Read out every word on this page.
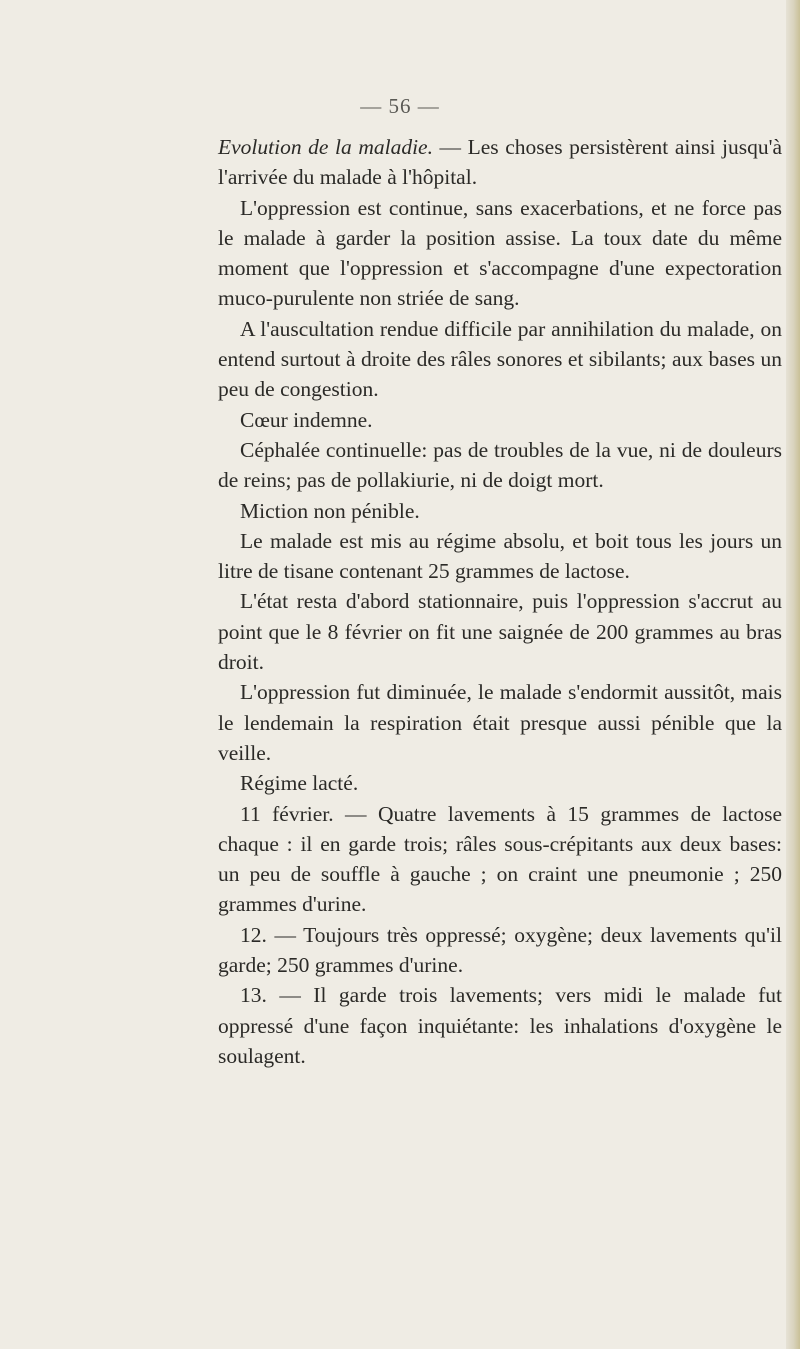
— 56 —

Evolution de la maladie. — Les choses persistèrent ainsi jusqu'à l'arrivée du malade à l'hôpital.

L'oppression est continue, sans exacerbations, et ne force pas le malade à garder la position assise. La toux date du même moment que l'oppression et s'accompagne d'une expectoration muco-purulente non striée de sang.

A l'auscultation rendue difficile par annihilation du malade, on entend surtout à droite des râles sonores et sibilants; aux bases un peu de congestion.

Cœur indemne.

Céphalée continuelle: pas de troubles de la vue, ni de douleurs de reins; pas de pollakiurie, ni de doigt mort.

Miction non pénible.

Le malade est mis au régime absolu, et boit tous les jours un litre de tisane contenant 25 grammes de lactose.

L'état resta d'abord stationnaire, puis l'oppression s'accrut au point que le 8 février on fit une saignée de 200 grammes au bras droit.

L'oppression fut diminuée, le malade s'endormit aussitôt, mais le lendemain la respiration était presque aussi pénible que la veille.

Régime lacté.

11 février. — Quatre lavements à 15 grammes de lactose chaque : il en garde trois; râles sous-crépitants aux deux bases: un peu de souffle à gauche ; on craint une pneumonie ; 250 grammes d'urine.

12. — Toujours très oppressé; oxygène; deux lavements qu'il garde; 250 grammes d'urine.

13. — Il garde trois lavements; vers midi le malade fut oppressé d'une façon inquiétante: les inhalations d'oxygène le soulagent.
